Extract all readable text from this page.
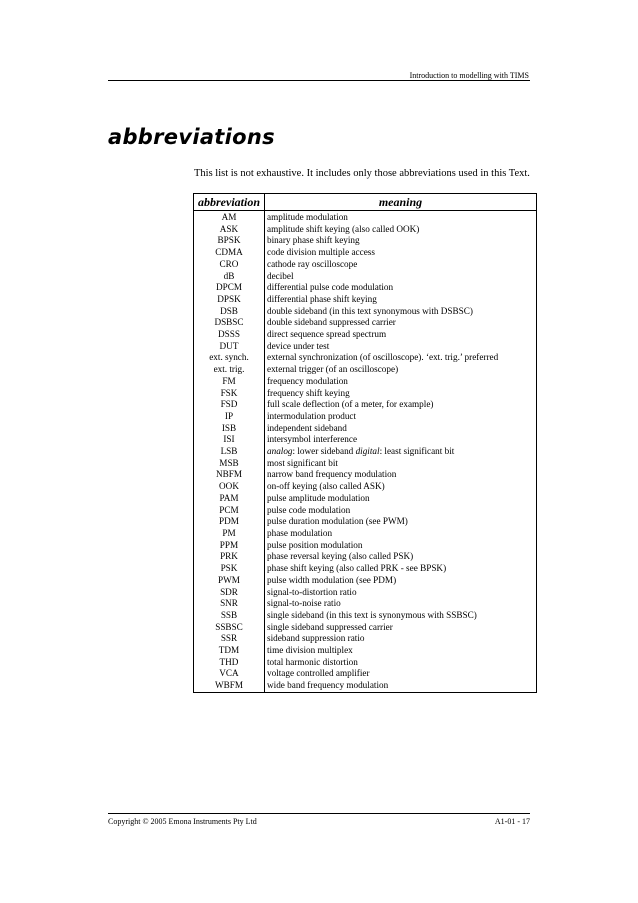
Introduction to modelling with TIMS
abbreviations
This list is not exhaustive. It includes only those abbreviations used in this Text.
abbreviation	meaning
AM	amplitude modulation
ASK	amplitude shift keying (also called OOK)
BPSK	binary phase shift keying
CDMA	code division multiple access
CRO	cathode ray oscilloscope
dB	decibel
DPCM	differential pulse code modulation
DPSK	differential phase shift keying
DSB	double sideband (in this text synonymous with DSBSC)
DSBSC	double sideband suppressed carrier
DSSS	direct sequence spread spectrum
DUT	device under test
ext. synch.	external synchronization (of oscilloscope). ‘ext. trig.’ preferred
ext. trig.	external trigger (of an oscilloscope)
FM	frequency modulation
FSK	frequency shift keying
FSD	full scale deflection (of a meter, for example)
IP	intermodulation product
ISB	independent sideband
ISI	intersymbol interference
LSB	analog: lower sideband digital: least significant bit
MSB	most significant bit
NBFM	narrow band frequency modulation
OOK	on-off keying (also called ASK)
PAM	pulse amplitude modulation
PCM	pulse code modulation
PDM	pulse duration modulation (see PWM)
PM	phase modulation
PPM	pulse position modulation
PRK	phase reversal keying (also called PSK)
PSK	phase shift keying (also called PRK - see BPSK)
PWM	pulse width modulation (see PDM)
SDR	signal-to-distortion ratio
SNR	signal-to-noise ratio
SSB	single sideband (in this text is synonymous with SSBSC)
SSBSC	single sideband suppressed carrier
SSR	sideband suppression ratio
TDM	time division multiplex
THD	total harmonic distortion
VCA	voltage controlled amplifier
WBFM	wide band frequency modulation
Copyright © 2005 Emona Instruments Pty Ltd	A1-01 - 17
